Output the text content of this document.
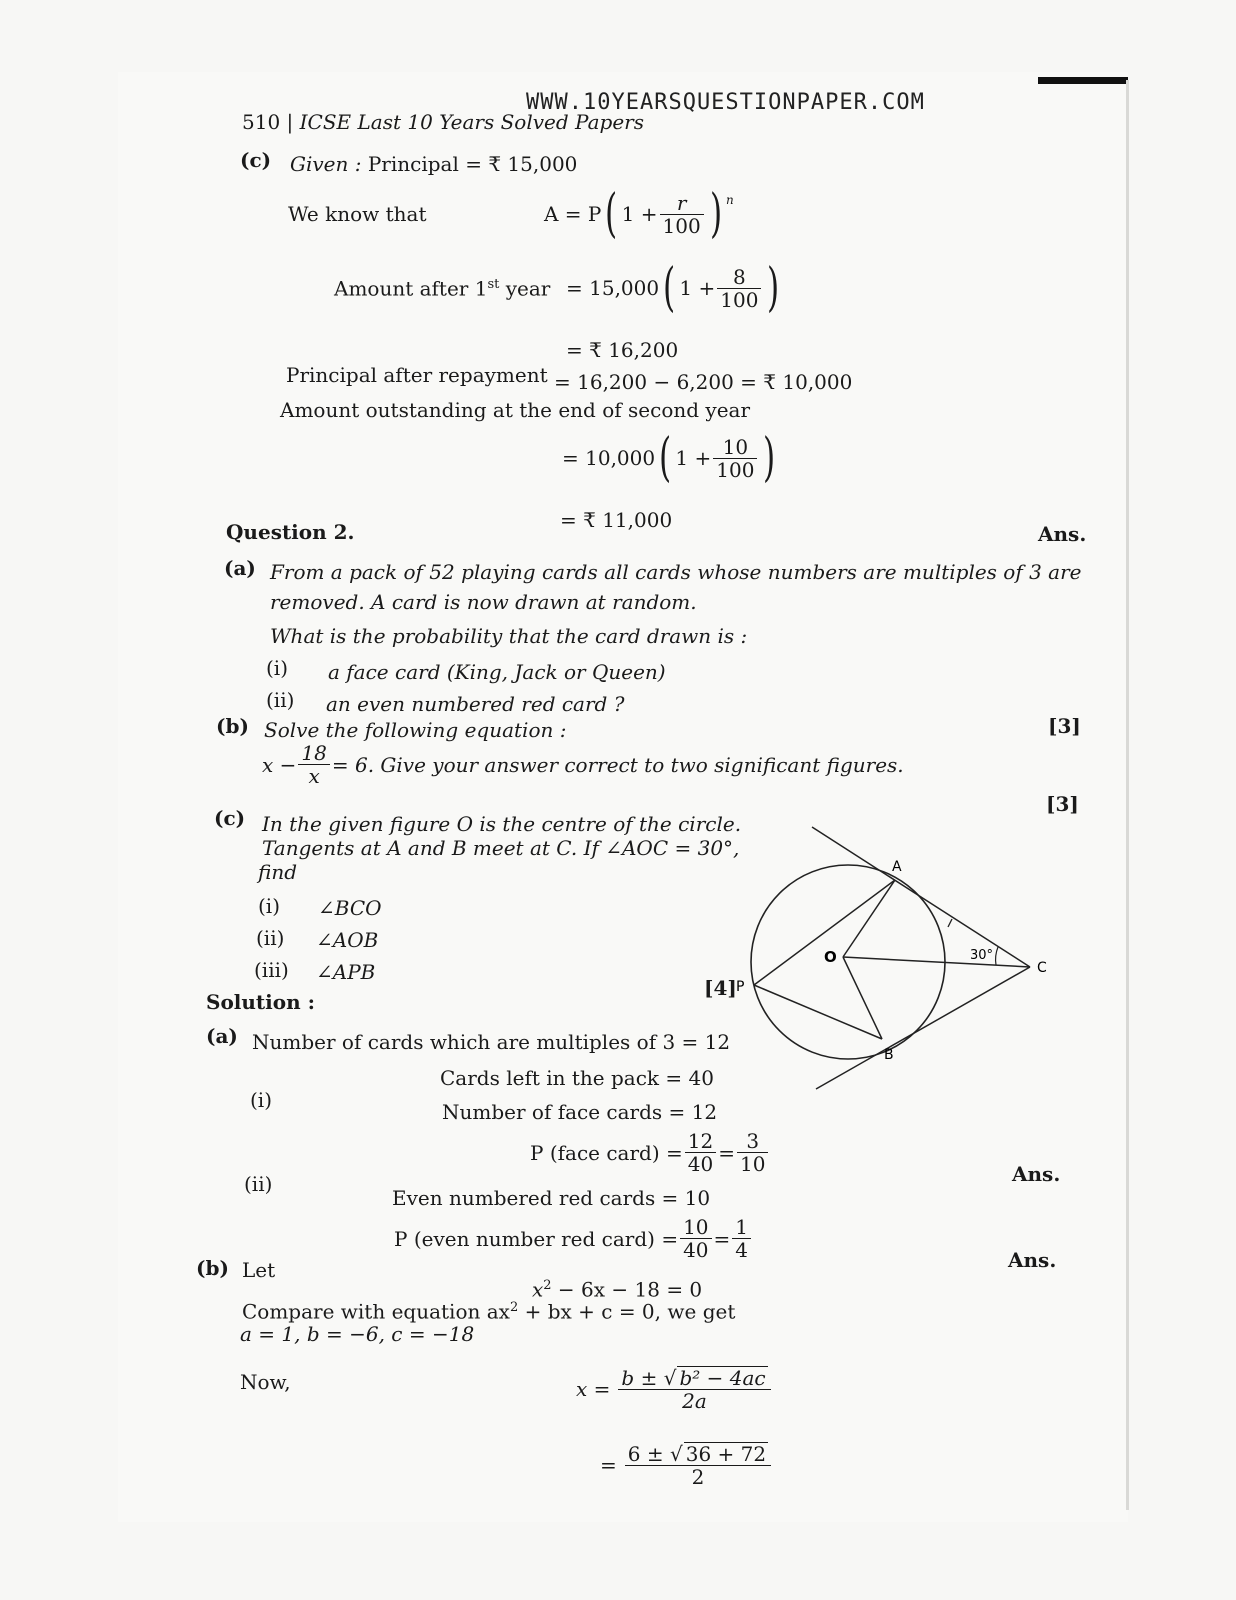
WWW.10YEARSQUESTIONPAPER.COM
510 | ICSE Last 10 Years Solved Papers
(c) Given : Principal = ₹ 15,000
We know that	A = P ( $1 + \frac{r}{100}$ ) n
Amount after 1st year = 15,000 ( $1 + \frac{8}{100}$ )
= ₹ 16,200
Principal after repayment = 16,200 − 6,200 = ₹ 10,000
Amount outstanding at the end of second year
= 10,000 ( $1 + \frac{10}{100}$ )
= ₹ 11,000
Ans.
Question 2.
(a) From a pack of 52 playing cards all cards whose numbers are multiples of 3 are
removed. A card is now drawn at random.
What is the probability that the card drawn is :
(i) a face card (King, Jack or Queen)
(ii) an even numbered red card ?
[3]
(b) Solve the following equation :
$x - \frac{18}{x} = 6$. Give your answer correct to two significant figures.
[3]
(c) In the given figure O is the centre of the circle.
Tangents at A and B meet at C. If ∠AOC = 30°,
find
(i) ∠BCO
(ii) ∠AOB
(iii) ∠APB
[4]
A
B
C
O
P
30°
Solution :
(a) Number of cards which are multiples of 3 = 12
Cards left in the pack = 40
(i)	Number of face cards = 12
P (face card) = $\frac{12}{40} = \frac{3}{10}$	Ans.
(ii)
Even numbered red cards = 10
P (even number red card) = $\frac{10}{40} = \frac{1}{4}$	Ans.
(b) Let
$x^2 - 6x - 18 = 0$
Compare with equation $ax^2$ + bx + c = 0, we get
a = 1, b = −6, c = −18
Now,	$x = \frac{\text{b ± √ b² − 4ac}}{2a}$
= $\frac{6 \pm √ 36 + 72}{2}$
